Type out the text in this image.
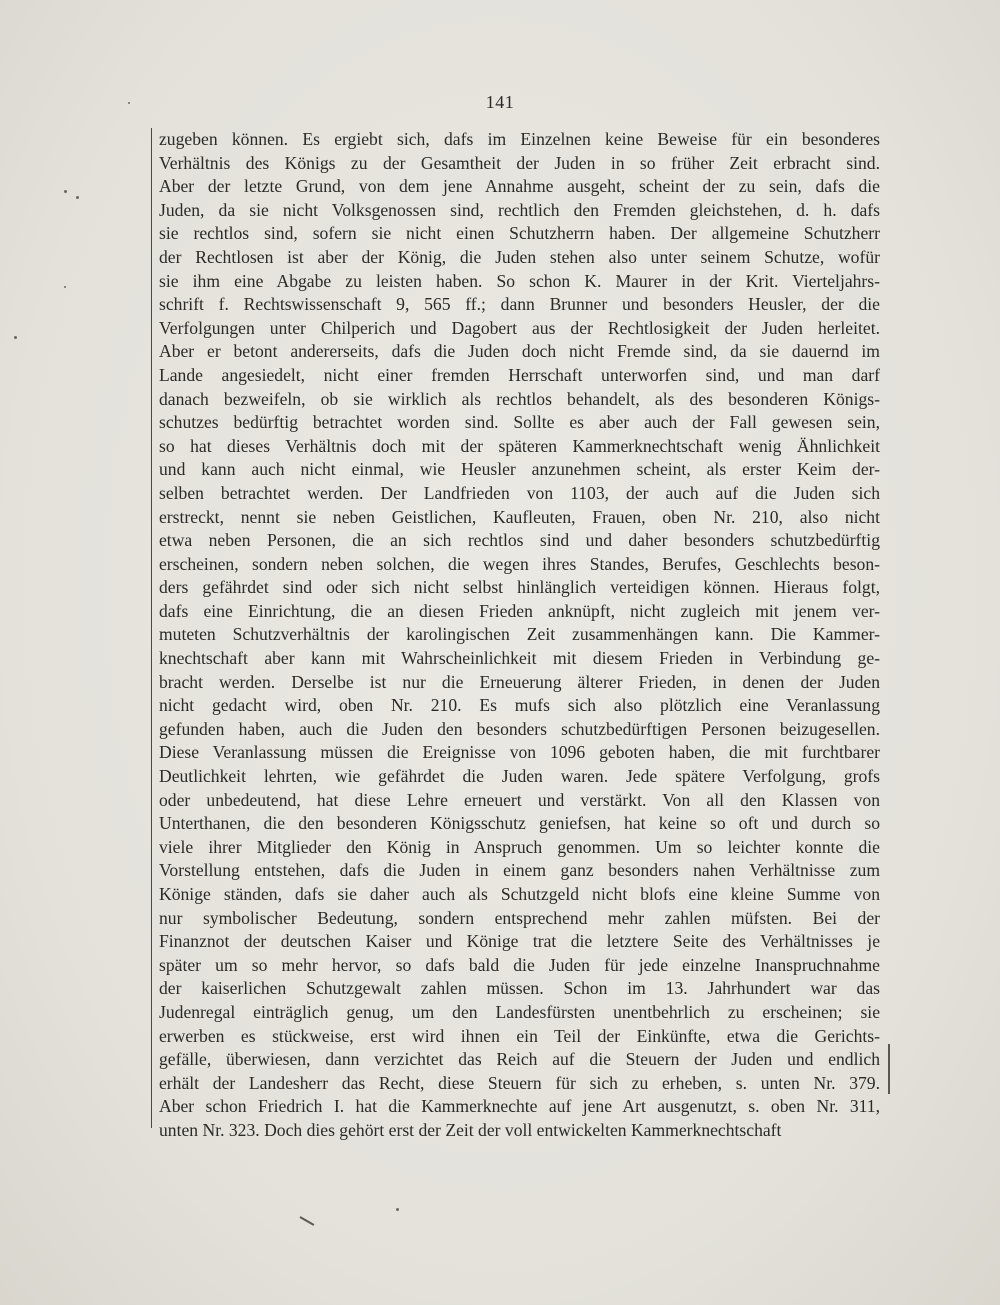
141
zugeben können. Es ergiebt sich, dafs im Einzelnen keine Beweise für ein besonderes
Verhältnis des Königs zu der Gesamtheit der Juden in so früher Zeit erbracht sind.
Aber der letzte Grund, von dem jene Annahme ausgeht, scheint der zu sein, dafs die
Juden, da sie nicht Volksgenossen sind, rechtlich den Fremden gleichstehen, d. h. dafs
sie rechtlos sind, sofern sie nicht einen Schutzherrn haben. Der allgemeine Schutzherr
der Rechtlosen ist aber der König, die Juden stehen also unter seinem Schutze, wofür
sie ihm eine Abgabe zu leisten haben. So schon K. Maurer in der Krit. Vierteljahrs-
schrift f. Rechtswissenschaft 9, 565 ff.; dann Brunner und besonders Heusler, der die
Verfolgungen unter Chilperich und Dagobert aus der Rechtlosigkeit der Juden herleitet.
Aber er betont andererseits, dafs die Juden doch nicht Fremde sind, da sie dauernd im
Lande angesiedelt, nicht einer fremden Herrschaft unterworfen sind, und man darf
danach bezweifeln, ob sie wirklich als rechtlos behandelt, als des besonderen Königs-
schutzes bedürftig betrachtet worden sind. Sollte es aber auch der Fall gewesen sein,
so hat dieses Verhältnis doch mit der späteren Kammerknechtschaft wenig Ähnlichkeit
und kann auch nicht einmal, wie Heusler anzunehmen scheint, als erster Keim der-
selben betrachtet werden. Der Landfrieden von 1103, der auch auf die Juden sich
erstreckt, nennt sie neben Geistlichen, Kaufleuten, Frauen, oben Nr. 210, also nicht
etwa neben Personen, die an sich rechtlos sind und daher besonders schutzbedürftig
erscheinen, sondern neben solchen, die wegen ihres Standes, Berufes, Geschlechts beson-
ders gefährdet sind oder sich nicht selbst hinlänglich verteidigen können. Hieraus folgt,
dafs eine Einrichtung, die an diesen Frieden anknüpft, nicht zugleich mit jenem ver-
muteten Schutzverhältnis der karolingischen Zeit zusammenhängen kann. Die Kammer-
knechtschaft aber kann mit Wahrscheinlichkeit mit diesem Frieden in Verbindung ge-
bracht werden. Derselbe ist nur die Erneuerung älterer Frieden, in denen der Juden
nicht gedacht wird, oben Nr. 210. Es mufs sich also plötzlich eine Veranlassung
gefunden haben, auch die Juden den besonders schutzbedürftigen Personen beizugesellen.
Diese Veranlassung müssen die Ereignisse von 1096 geboten haben, die mit furchtbarer
Deutlichkeit lehrten, wie gefährdet die Juden waren. Jede spätere Verfolgung, grofs
oder unbedeutend, hat diese Lehre erneuert und verstärkt. Von all den Klassen von
Unterthanen, die den besonderen Königsschutz geniefsen, hat keine so oft und durch so
viele ihrer Mitglieder den König in Anspruch genommen. Um so leichter konnte die
Vorstellung entstehen, dafs die Juden in einem ganz besonders nahen Verhältnisse zum
Könige ständen, dafs sie daher auch als Schutzgeld nicht blofs eine kleine Summe von
nur symbolischer Bedeutung, sondern entsprechend mehr zahlen müfsten. Bei der
Finanznot der deutschen Kaiser und Könige trat die letztere Seite des Verhältnisses je
später um so mehr hervor, so dafs bald die Juden für jede einzelne Inanspruchnahme
der kaiserlichen Schutzgewalt zahlen müssen. Schon im 13. Jahrhundert war das
Judenregal einträglich genug, um den Landesfürsten unentbehrlich zu erscheinen; sie
erwerben es stückweise, erst wird ihnen ein Teil der Einkünfte, etwa die Gerichts-
gefälle, überwiesen, dann verzichtet das Reich auf die Steuern der Juden und endlich
erhält der Landesherr das Recht, diese Steuern für sich zu erheben, s. unten Nr. 379.
Aber schon Friedrich I. hat die Kammerknechte auf jene Art ausgenutzt, s. oben Nr. 311,
unten Nr. 323. Doch dies gehört erst der Zeit der voll entwickelten Kammerknechtschaft
